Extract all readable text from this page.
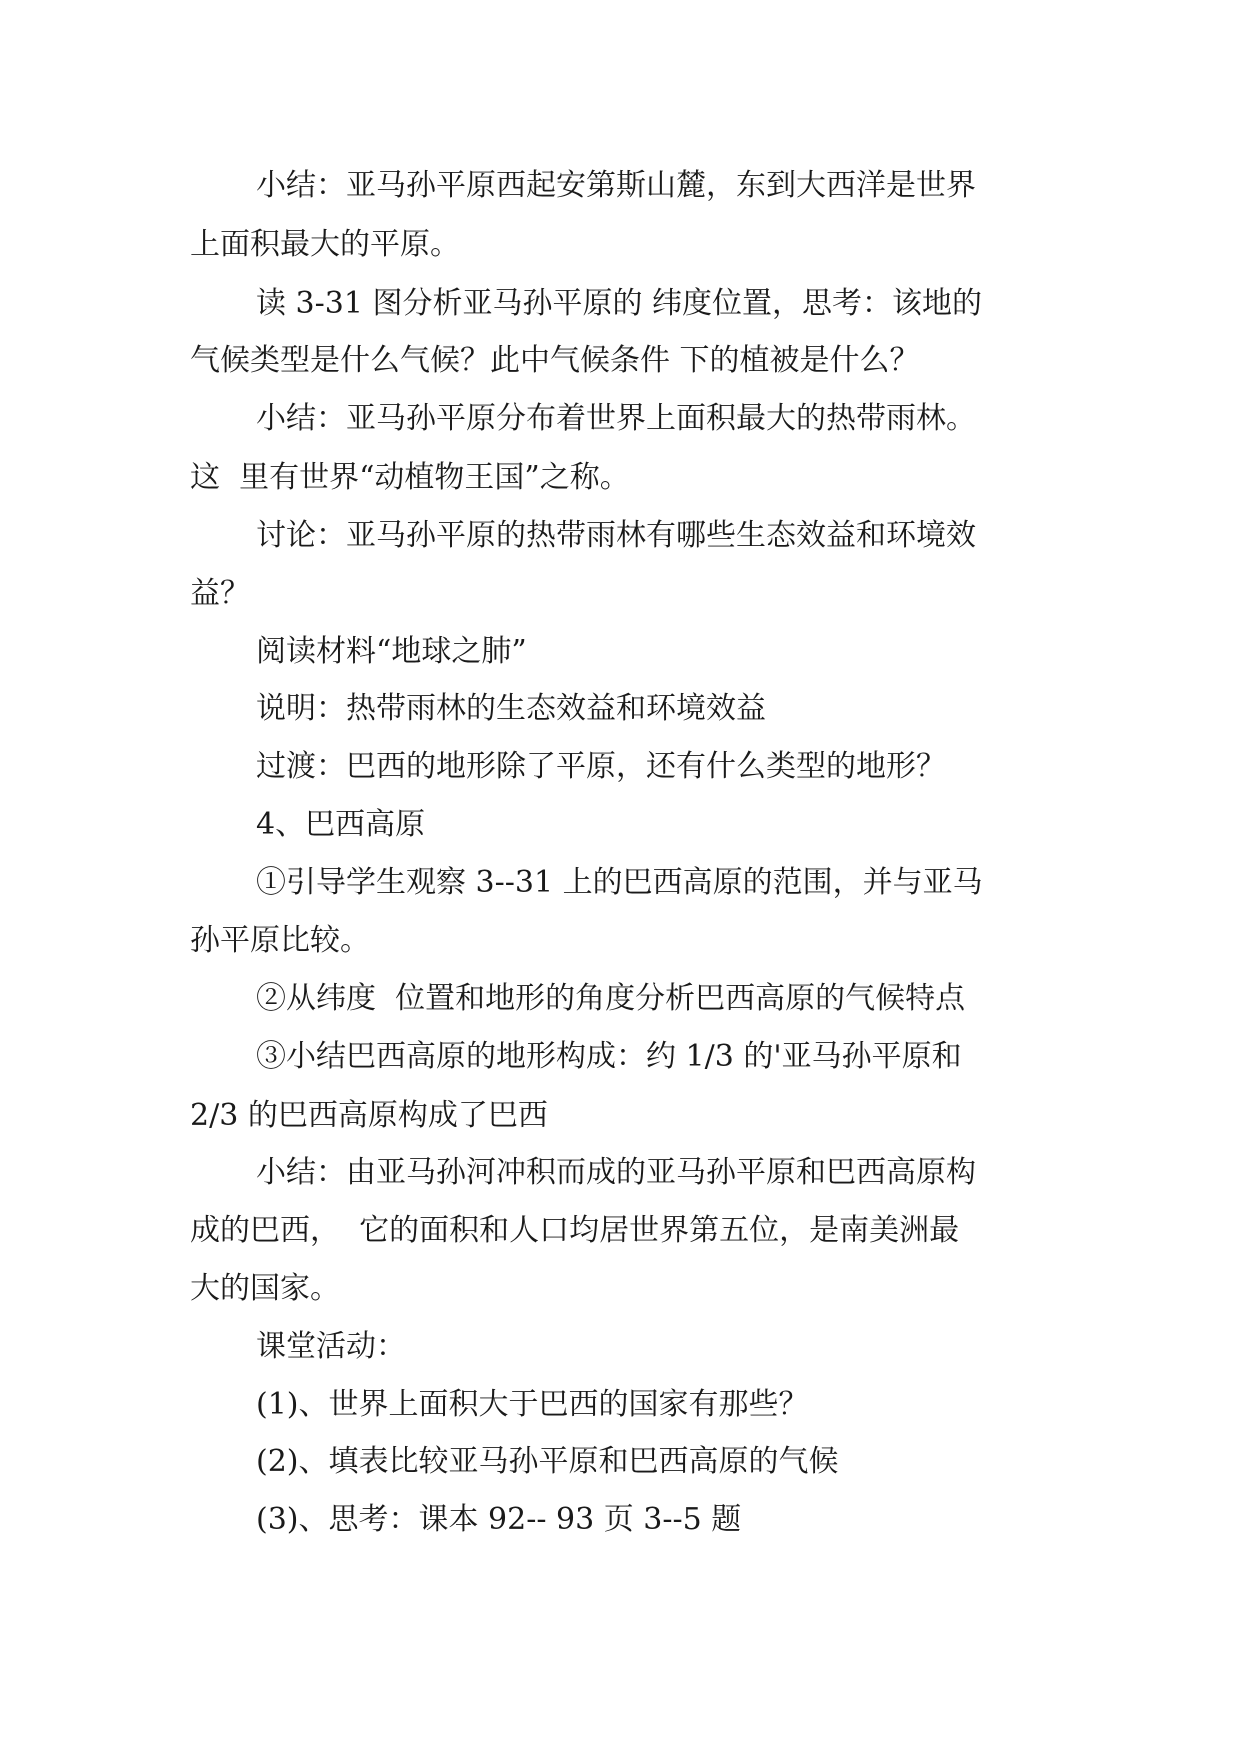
小结：亚马孙平原西起安第斯山麓，东到大西洋是世界
上面积最大的平原。
读 3-31 图分析亚马孙平原的 纬度位置，思考：该地的
气候类型是什么气候？此中气候条件 下的植被是什么？
小结：亚马孙平原分布着世界上面积最大的热带雨林。
这  里有世界“动植物王国”之称。
讨论：亚马孙平原的热带雨林有哪些生态效益和环境效
益？
阅读材料“地球之肺”
说明：热带雨林的生态效益和环境效益
过渡：巴西的地形除了平原，还有什么类型的地形？
4、巴西高原
①引导学生观察 3--31 上的巴西高原的范围，并与亚马
孙平原比较。
②从纬度  位置和地形的角度分析巴西高原的气候特点
③小结巴西高原的地形构成：约 1/3 的'亚马孙平原和
2/3 的巴西高原构成了巴西
小结：由亚马孙河冲积而成的亚马孙平原和巴西高原构
成的巴西，  它的面积和人口均居世界第五位，是南美洲最
大的国家。
课堂活动：
(1)、世界上面积大于巴西的国家有那些？
(2)、填表比较亚马孙平原和巴西高原的气候
(3)、思考：课本 92-- 93 页 3--5 题
